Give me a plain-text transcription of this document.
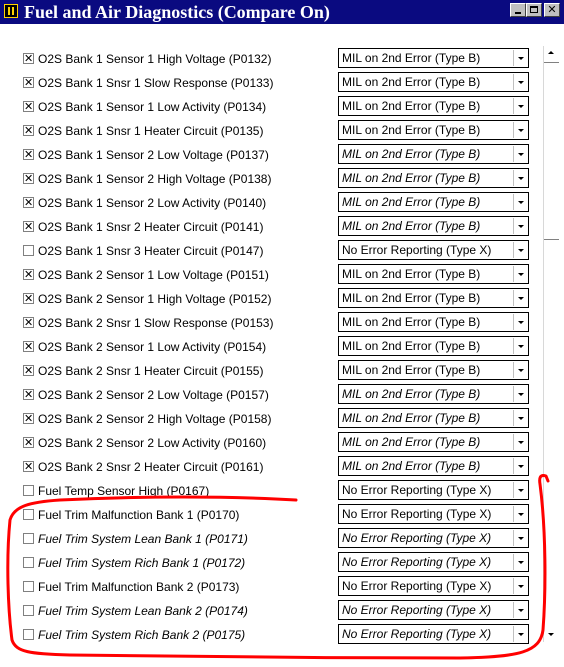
Fuel and Air Diagnostics (Compare On)	✕
✕ O2S Bank 1 Sensor 1 High Voltage (P0132)	MIL on 2nd Error (Type B)
✕ O2S Bank 1 Snsr 1 Slow Response (P0133)	MIL on 2nd Error (Type B)
✕ O2S Bank 1 Sensor 1 Low Activity (P0134)	MIL on 2nd Error (Type B)
✕ O2S Bank 1 Snsr 1 Heater Circuit (P0135)	MIL on 2nd Error (Type B)
✕ O2S Bank 1 Sensor 2 Low Voltage (P0137)	MIL on 2nd Error (Type B)
✕ O2S Bank 1 Sensor 2 High Voltage (P0138)	MIL on 2nd Error (Type B)
✕ O2S Bank 1 Sensor 2 Low Activity (P0140)	MIL on 2nd Error (Type B)
✕ O2S Bank 1 Snsr 2 Heater Circuit (P0141)	MIL on 2nd Error (Type B)
O2S Bank 1 Snsr 3 Heater Circuit (P0147)	No Error Reporting (Type X)
✕ O2S Bank 2 Sensor 1 Low Voltage (P0151)	MIL on 2nd Error (Type B)
✕ O2S Bank 2 Sensor 1 High Voltage (P0152)	MIL on 2nd Error (Type B)
✕ O2S Bank 2 Snsr 1 Slow Response (P0153)	MIL on 2nd Error (Type B)
✕ O2S Bank 2 Sensor 1 Low Activity (P0154)	MIL on 2nd Error (Type B)
✕ O2S Bank 2 Snsr 1 Heater Circuit (P0155)	MIL on 2nd Error (Type B)
✕ O2S Bank 2 Sensor 2 Low Voltage (P0157)	MIL on 2nd Error (Type B)
✕ O2S Bank 2 Sensor 2 High Voltage (P0158)	MIL on 2nd Error (Type B)
✕ O2S Bank 2 Sensor 2 Low Activity (P0160)	MIL on 2nd Error (Type B)
✕ O2S Bank 2 Snsr 2 Heater Circuit (P0161)	MIL on 2nd Error (Type B)
Fuel Temp Sensor High (P0167)	No Error Reporting (Type X)
Fuel Trim Malfunction Bank 1 (P0170)	No Error Reporting (Type X)
Fuel Trim System Lean Bank 1 (P0171)	No Error Reporting (Type X)
Fuel Trim System Rich Bank 1 (P0172)	No Error Reporting (Type X)
Fuel Trim Malfunction Bank 2 (P0173)	No Error Reporting (Type X)
Fuel Trim System Lean Bank 2 (P0174)	No Error Reporting (Type X)
Fuel Trim System Rich Bank 2 (P0175)	No Error Reporting (Type X)
